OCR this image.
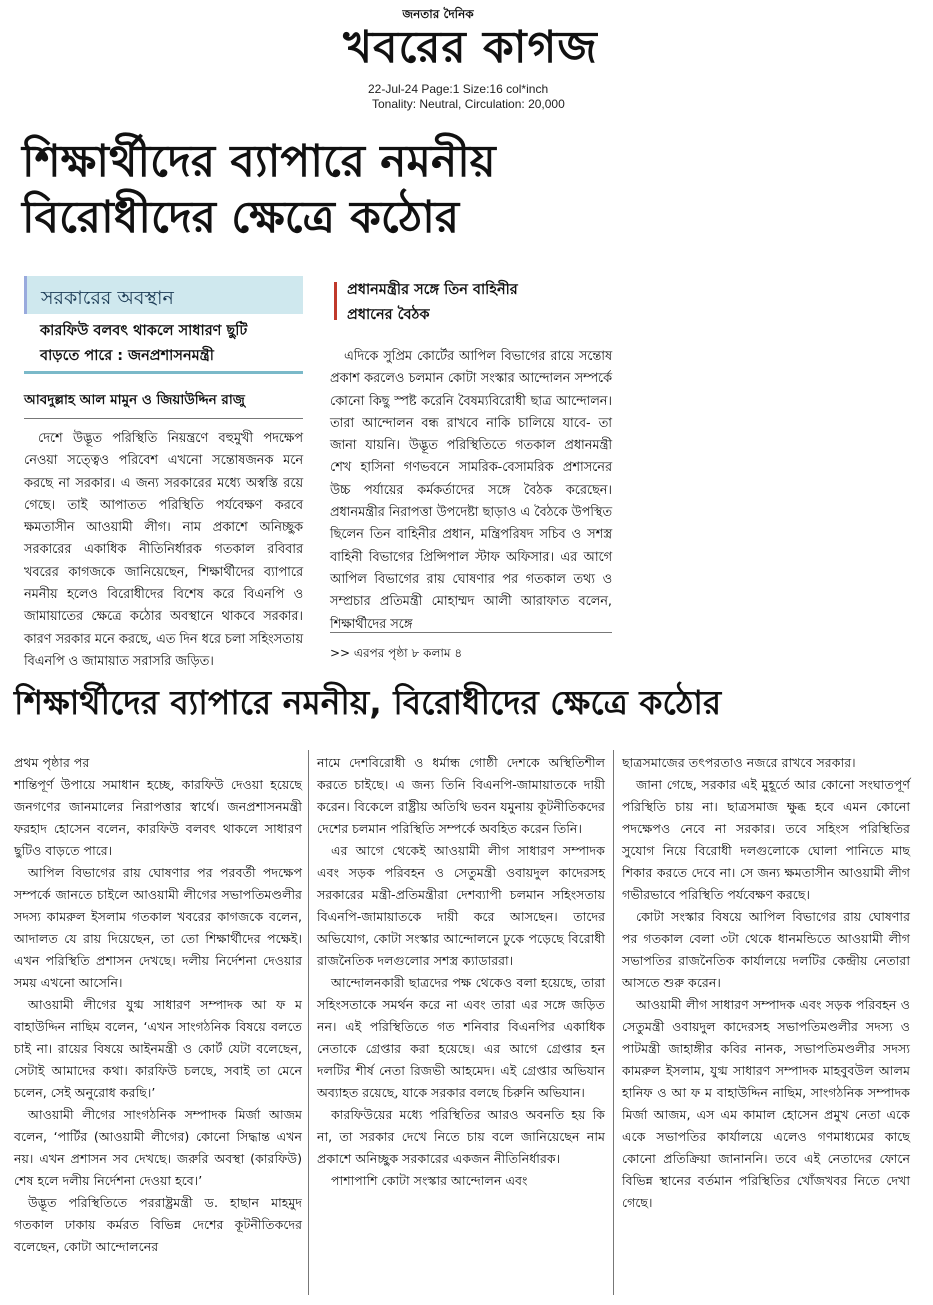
জনতার দৈনিক
খবরের কাগজ
22-Jul-24 Page:1 Size:16 col*inch
Tonality: Neutral, Circulation: 20,000
শিক্ষার্থীদের ব্যাপারে নমনীয়
বিরোধীদের ক্ষেত্রে কঠোর
সরকারের অবস্থান
কারফিউ বলবৎ থাকলে সাধারণ ছুটি
বাড়তে পারে : জনপ্রশাসনমন্ত্রী
আবদুল্লাহ আল মামুন ও জিয়াউদ্দিন রাজু

দেশে উদ্ভূত পরিস্থিতি নিয়ন্ত্রণে বহুমুখী পদক্ষেপ নেওয়া সত্ত্বেও পরিবেশ এখনো সন্তোষজনক মনে করছে না সরকার। এ জন্য সরকারের মধ্যে অস্বস্তি রয়ে গেছে। তাই আপাতত পরিস্থিতি পর্যবেক্ষণ করবে ক্ষমতাসীন আওয়ামী লীগ। নাম প্রকাশে অনিচ্ছুক সরকারের একাধিক নীতিনির্ধারক গতকাল রবিবার খবরের কাগজকে জানিয়েছেন, শিক্ষার্থীদের ব্যাপারে নমনীয় হলেও বিরোধীদের বিশেষ করে বিএনপি ও জামায়াতের ক্ষেত্রে কঠোর অবস্থানে থাকবে সরকার। কারণ সরকার মনে করছে, এত দিন ধরে চলা সহিংসতায় বিএনপি ও জামায়াত সরাসরি জড়িত।

প্রধানমন্ত্রীর সঙ্গে তিন বাহিনীর
প্রধানের বৈঠক

এদিকে সুপ্রিম কোর্টের আপিল বিভাগের রায়ে সন্তোষ প্রকাশ করলেও চলমান কোটা সংস্কার আন্দোলন সম্পর্কে কোনো কিছু স্পষ্ট করেনি বৈষম্যবিরোধী ছাত্র আন্দোলন। তারা আন্দোলন বন্ধ রাখবে নাকি চালিয়ে যাবে- তা জানা যায়নি। উদ্ভূত পরিস্থিতিতে গতকাল প্রধানমন্ত্রী শেখ হাসিনা গণভবনে সামরিক-বেসামরিক প্রশাসনের উচ্চ পর্যায়ের কর্মকর্তাদের সঙ্গে বৈঠক করেছেন। প্রধানমন্ত্রীর নিরাপত্তা উপদেষ্টা ছাড়াও এ বৈঠকে উপস্থিত ছিলেন তিন বাহিনীর প্রধান, মন্ত্রিপরিষদ সচিব ও সশস্ত্র বাহিনী বিভাগের প্রিন্সিপাল স্টাফ অফিসার। এর আগে আপিল বিভাগের রায় ঘোষণার পর গতকাল তথ্য ও সম্প্রচার প্রতিমন্ত্রী মোহাম্মদ আলী আরাফাত বলেন, শিক্ষার্থীদের সঙ্গে

>> এরপর পৃষ্ঠা ৮ কলাম ৪
শিক্ষার্থীদের ব্যাপারে নমনীয়, বিরোধীদের ক্ষেত্রে কঠোর

প্রথম পৃষ্ঠার পর

শান্তিপূর্ণ উপায়ে সমাধান হচ্ছে, কারফিউ দেওয়া হয়েছে জনগণের জানমালের নিরাপত্তার স্বার্থে। জনপ্রশাসনমন্ত্রী ফরহাদ হোসেন বলেন, কারফিউ বলবৎ থাকলে সাধারণ ছুটিও বাড়তে পারে।

আপিল বিভাগের রায় ঘোষণার পর পরবর্তী পদক্ষেপ সম্পর্কে জানতে চাইলে আওয়ামী লীগের সভাপতিমণ্ডলীর সদস্য কামরুল ইসলাম গতকাল খবরের কাগজকে বলেন, আদালত যে রায় দিয়েছেন, তা তো শিক্ষার্থীদের পক্ষেই। এখন পরিস্থিতি প্রশাসন দেখছে। দলীয় নির্দেশনা দেওয়ার সময় এখনো আসেনি।

আওয়ামী লীগের যুগ্ম সাধারণ সম্পাদক আ ফ ম বাহাউদ্দিন নাছিম বলেন, ‘এখন সাংগঠনিক বিষয়ে বলতে চাই না। রায়ের বিষয়ে আইনমন্ত্রী ও কোর্ট যেটা বলেছেন, সেটাই আমাদের কথা। কারফিউ চলছে, সবাই তা মেনে চলেন, সেই অনুরোধ করছি।’

আওয়ামী লীগের সাংগঠনিক সম্পাদক মির্জা আজম বলেন, ‘পার্টির (আওয়ামী লীগের) কোনো সিদ্ধান্ত এখন নয়। এখন প্রশাসন সব দেখছে। জরুরি অবস্থা (কারফিউ) শেষ হলে দলীয় নির্দেশনা দেওয়া হবে।’

উদ্ভূত পরিস্থিতিতে পররাষ্ট্রমন্ত্রী ড. হাছান মাহমুদ গতকাল ঢাকায় কর্মরত বিভিন্ন দেশের কূটনীতিকদের বলেছেন, কোটা আন্দোলনের

নামে দেশবিরোধী ও ধর্মান্ধ গোষ্ঠী দেশকে অস্থিতিশীল করতে চাইছে। এ জন্য তিনি বিএনপি-জামায়াতকে দায়ী করেন। বিকেলে রাষ্ট্রীয় অতিথি ভবন যমুনায় কূটনীতিকদের দেশের চলমান পরিস্থিতি সম্পর্কে অবহিত করেন তিনি।

এর আগে থেকেই আওয়ামী লীগ সাধারণ সম্পাদক এবং সড়ক পরিবহন ও সেতুমন্ত্রী ওবায়দুল কাদেরসহ সরকারের মন্ত্রী-প্রতিমন্ত্রীরা দেশব্যাপী চলমান সহিংসতায় বিএনপি-জামায়াতকে দায়ী করে আসছেন। তাদের অভিযোগ, কোটা সংস্কার আন্দোলনে ঢুকে পড়েছে বিরোধী রাজনৈতিক দলগুলোর সশস্ত্র ক্যাডাররা।

আন্দোলনকারী ছাত্রদের পক্ষ থেকেও বলা হয়েছে, তারা সহিংসতাকে সমর্থন করে না এবং তারা এর সঙ্গে জড়িত নন। এই পরিস্থিতিতে গত শনিবার বিএনপির একাধিক নেতাকে গ্রেপ্তার করা হয়েছে। এর আগে গ্রেপ্তার হন দলটির শীর্ষ নেতা রিজভী আহমেদ। এই গ্রেপ্তার অভিযান অব্যাহত রয়েছে, যাকে সরকার বলছে চিরুনি অভিযান।

কারফিউয়ের মধ্যে পরিস্থিতির আরও অবনতি হয় কি না, তা সরকার দেখে নিতে চায় বলে জানিয়েছেন নাম প্রকাশে অনিচ্ছুক সরকারের একজন নীতিনির্ধারক।

পাশাপাশি কোটা সংস্কার আন্দোলন এবং

ছাত্রসমাজের তৎপরতাও নজরে রাখবে সরকার।

জানা গেছে, সরকার এই মুহূর্তে আর কোনো সংঘাতপূর্ণ পরিস্থিতি চায় না। ছাত্রসমাজ ক্ষুব্ধ হবে এমন কোনো পদক্ষেপও নেবে না সরকার। তবে সহিংস পরিস্থিতির সুযোগ নিয়ে বিরোধী দলগুলোকে ঘোলা পানিতে মাছ শিকার করতে দেবে না। সে জন্য ক্ষমতাসীন আওয়ামী লীগ গভীরভাবে পরিস্থিতি পর্যবেক্ষণ করছে।

কোটা সংস্কার বিষয়ে আপিল বিভাগের রায় ঘোষণার পর গতকাল বেলা ৩টা থেকে ধানমন্ডিতে আওয়ামী লীগ সভাপতির রাজনৈতিক কার্যালয়ে দলটির কেন্দ্রীয় নেতারা আসতে শুরু করেন।

আওয়ামী লীগ সাধারণ সম্পাদক এবং সড়ক পরিবহন ও সেতুমন্ত্রী ওবায়দুল কাদেরসহ সভাপতিমণ্ডলীর সদস্য ও পাটমন্ত্রী জাহাঙ্গীর কবির নানক, সভাপতিমণ্ডলীর সদস্য কামরুল ইসলাম, যুগ্ম সাধারণ সম্পাদক মাহবুবউল আলম হানিফ ও আ ফ ম বাহাউদ্দিন নাছিম, সাংগঠনিক সম্পাদক মির্জা আজম, এস এম কামাল হোসেন প্রমুখ নেতা একে একে সভাপতির কার্যালয়ে এলেও গণমাধ্যমের কাছে কোনো প্রতিক্রিয়া জানাননি। তবে এই নেতাদের ফোনে বিভিন্ন স্থানের বর্তমান পরিস্থিতির খোঁজখবর নিতে দেখা গেছে।
